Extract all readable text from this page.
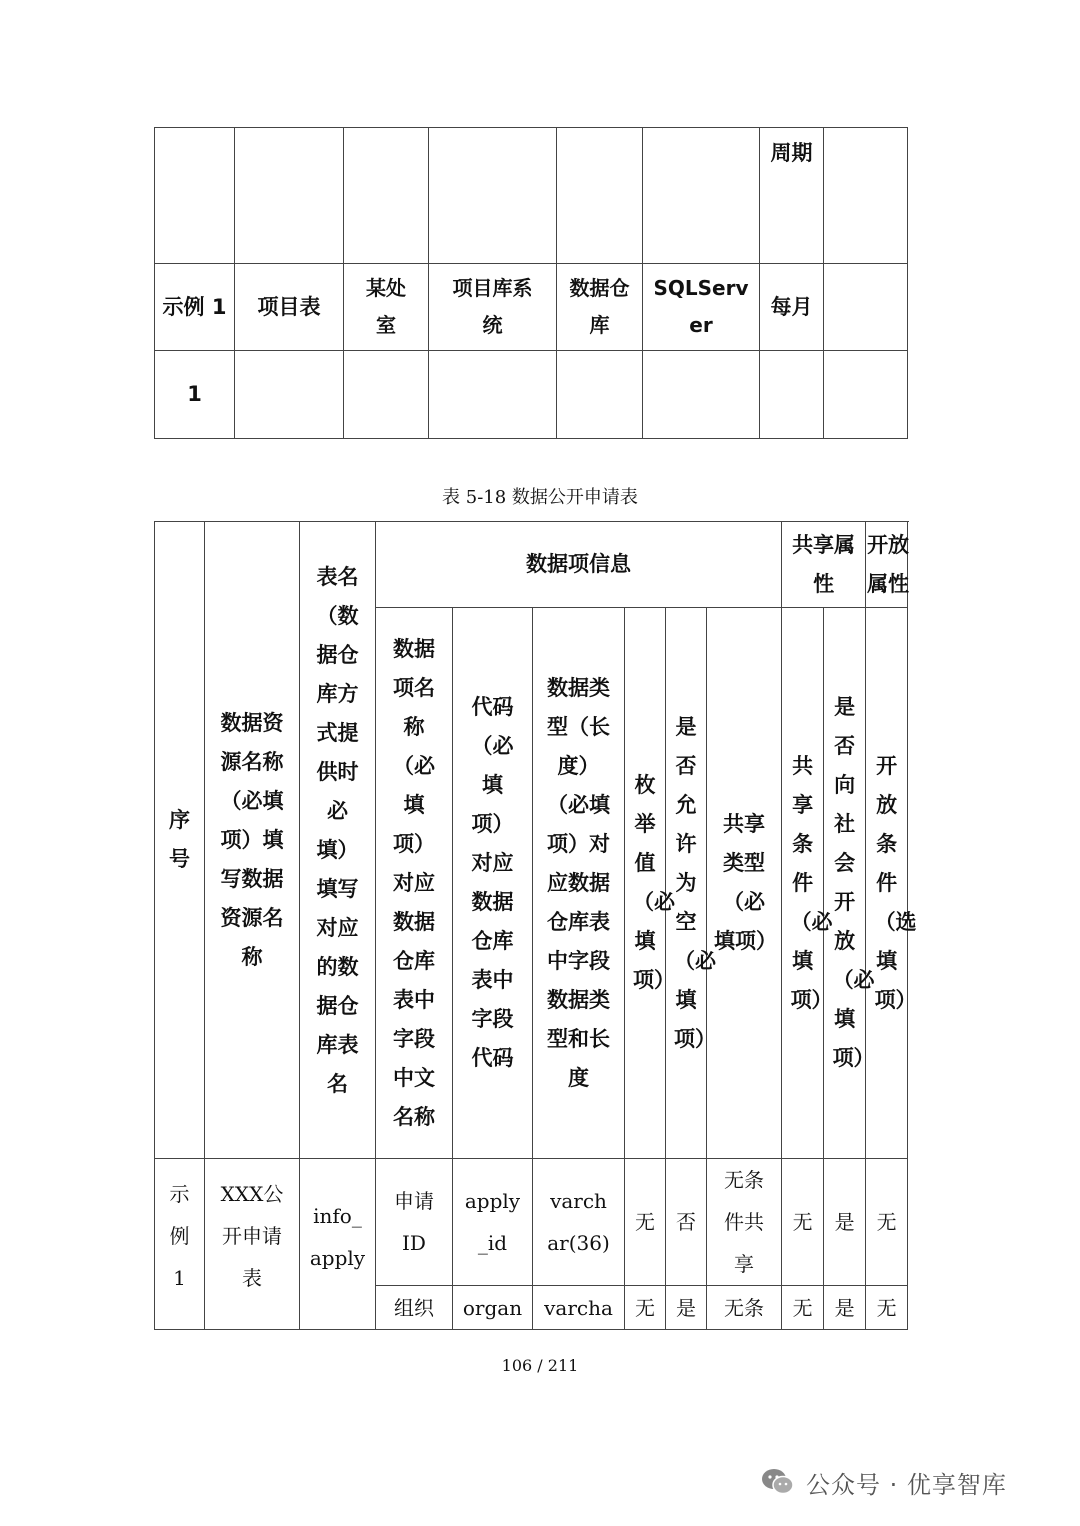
						周期	
示例 1	项目表	某处室	项目库系统	数据仓库	SQLServer	每月	
1							
表 5-18 数据公开申请表
序号	数据资源名称（必填项）填写数据资源名称	表名（数据仓库方式提供时必填）填写对应的数据仓库表名	数据项信息						共享属性		开放属性

			数据项名称（必填项）对应数据仓库表中字段中文名称	代码（必填项）对应数据仓库表中字段代码	数据类型（长度）（必填项）对应数据仓库表中字段数据类型和长度	枚举值（必填项）	是否允许为空（必填项）	共享类型（必填项）	共享条件（必填项）	是否向社会开放（必填项）	开放条件（选填项）
示例1	XXX公开申请表	info_apply	申请ID	apply_id	varchar(36)	无	否	无条件共享	无	是	无
			组织	organ	varcha	无	是	无条	无	是	无
106 / 211
公众号 · 优享智库
